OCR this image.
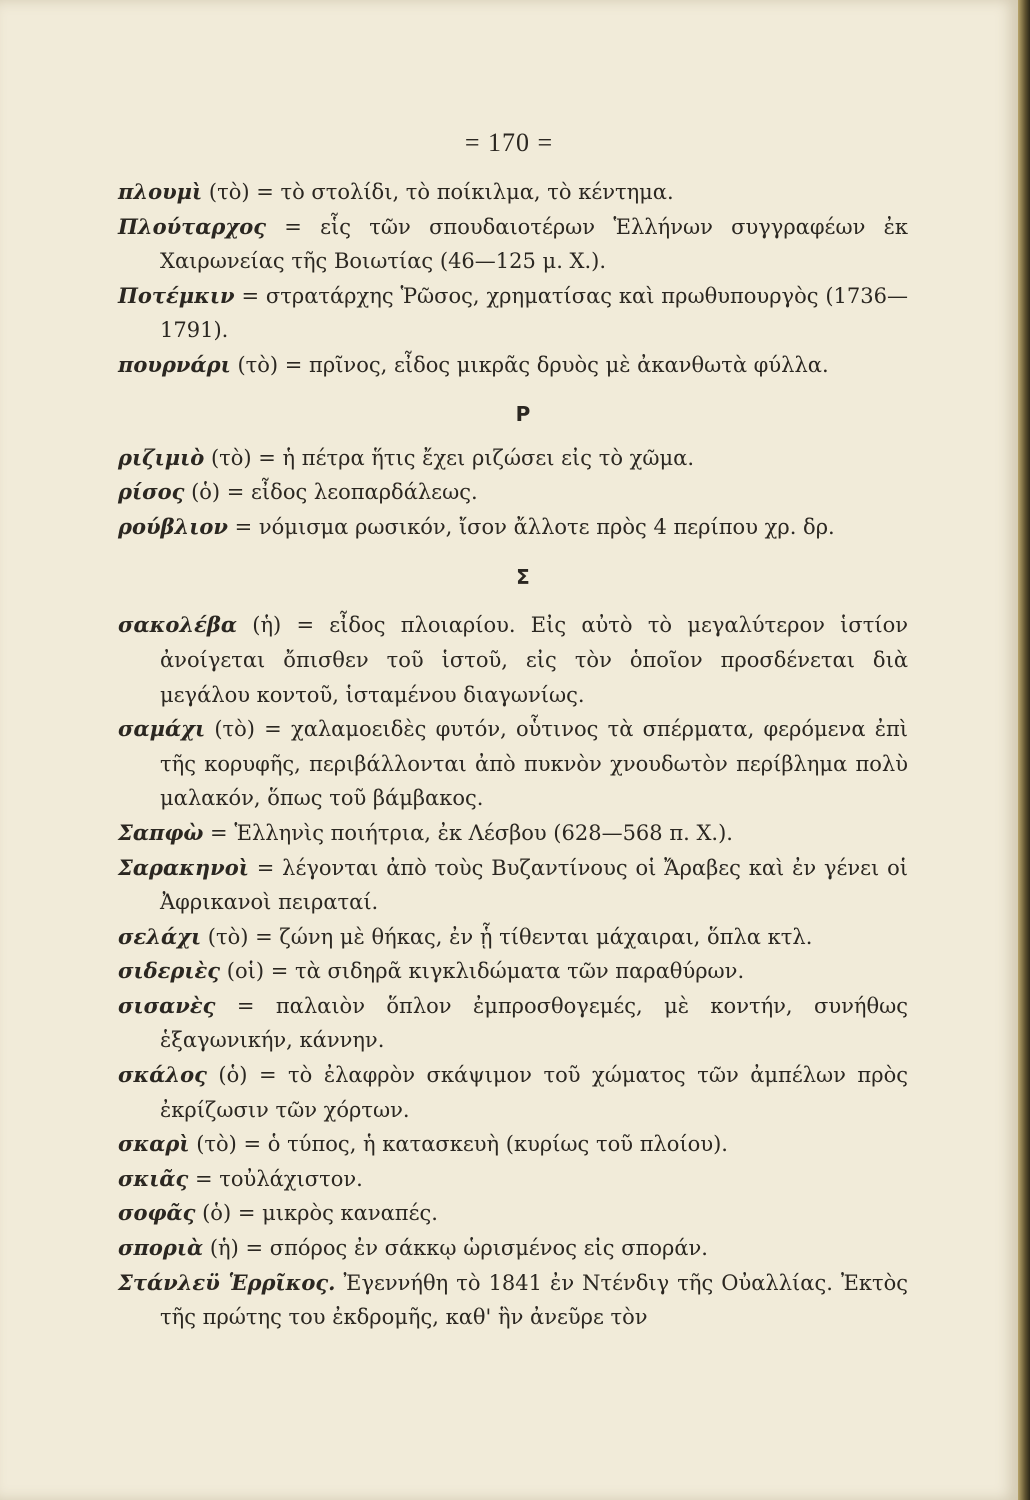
= 170 =

πλουμὶ (τὸ) = τὸ στολίδι, τὸ ποίκιλμα, τὸ κέντημα.

Πλούταρχος = εἷς τῶν σπουδαιοτέρων Ἑλλήνων συγγραφέων ἐκ Χαιρωνείας τῆς Βοιωτίας (46—125 μ. Χ.).

Ποτέμκιν = στρατάρχης Ῥῶσος, χρηματίσας καὶ πρωθυπουργὸς (1736—1791).

πουρνάρι (τὸ) = πρῖνος, εἶδος μικρᾶς δρυὸς μὲ ἀκανθωτὰ φύλλα.

Ρ

ριζιμιὸ (τὸ) = ἡ πέτρα ἥτις ἔχει ριζώσει εἰς τὸ χῶμα.

ρίσος (ὁ) = εἶδος λεοπαρδάλεως.

ρούβλιον = νόμισμα ρωσικόν, ἴσον ἄλλοτε πρὸς 4 περίπου χρ. δρ.

Σ

σακολέβα (ἡ) = εἶδος πλοιαρίου. Εἰς αὐτὸ τὸ μεγαλύτερον ἱστίον ἀνοίγεται ὄπισθεν τοῦ ἱστοῦ, εἰς τὸν ὁποῖον προσδένεται διὰ μεγάλου κοντοῦ, ἱσταμένου διαγωνίως.

σαμάχι (τὸ) = χαλαμοειδὲς φυτόν, οὗτινος τὰ σπέρματα, φερόμενα ἐπὶ τῆς κορυφῆς, περιβάλλονται ἀπὸ πυκνὸν χνουδωτὸν περίβλημα πολὺ μαλακόν, ὅπως τοῦ βάμβακος.

Σαπφὼ = Ἑλληνὶς ποιήτρια, ἐκ Λέσβου (628—568 π. Χ.).

Σαρακηνοὶ = λέγονται ἀπὸ τοὺς Βυζαντίνους οἱ Ἄραβες καὶ ἐν γένει οἱ Ἀφρικανοὶ πειραταί.

σελάχι (τὸ) = ζώνη μὲ θήκας, ἐν ᾗ τίθενται μάχαιραι, ὅπλα κτλ.

σιδεριὲς (οἱ) = τὰ σιδηρᾶ κιγκλιδώματα τῶν παραθύρων.

σισανὲς = παλαιὸν ὅπλον ἐμπροσθογεμές, μὲ κοντήν, συνήθως ἑξαγωνικήν, κάννην.

σκάλος (ὁ) = τὸ ἐλαφρὸν σκάψιμον τοῦ χώματος τῶν ἀμπέλων πρὸς ἐκρίζωσιν τῶν χόρτων.

σκαρὶ (τὸ) = ὁ τύπος, ἡ κατασκευὴ (κυρίως τοῦ πλοίου).

σκιᾶς = τοὐλάχιστον.

σοφᾶς (ὁ) = μικρὸς καναπές.

σποριὰ (ἡ) = σπόρος ἐν σάκκῳ ὡρισμένος εἰς σποράν.

Στάνλεϋ Ἑρρῖκος. Ἐγεννήθη τὸ 1841 ἐν Ντένδιγ τῆς Οὐαλλίας. Ἐκτὸς τῆς πρώτης του ἐκδρομῆς, καθ' ἣν ἀνεῦρε τὸν
